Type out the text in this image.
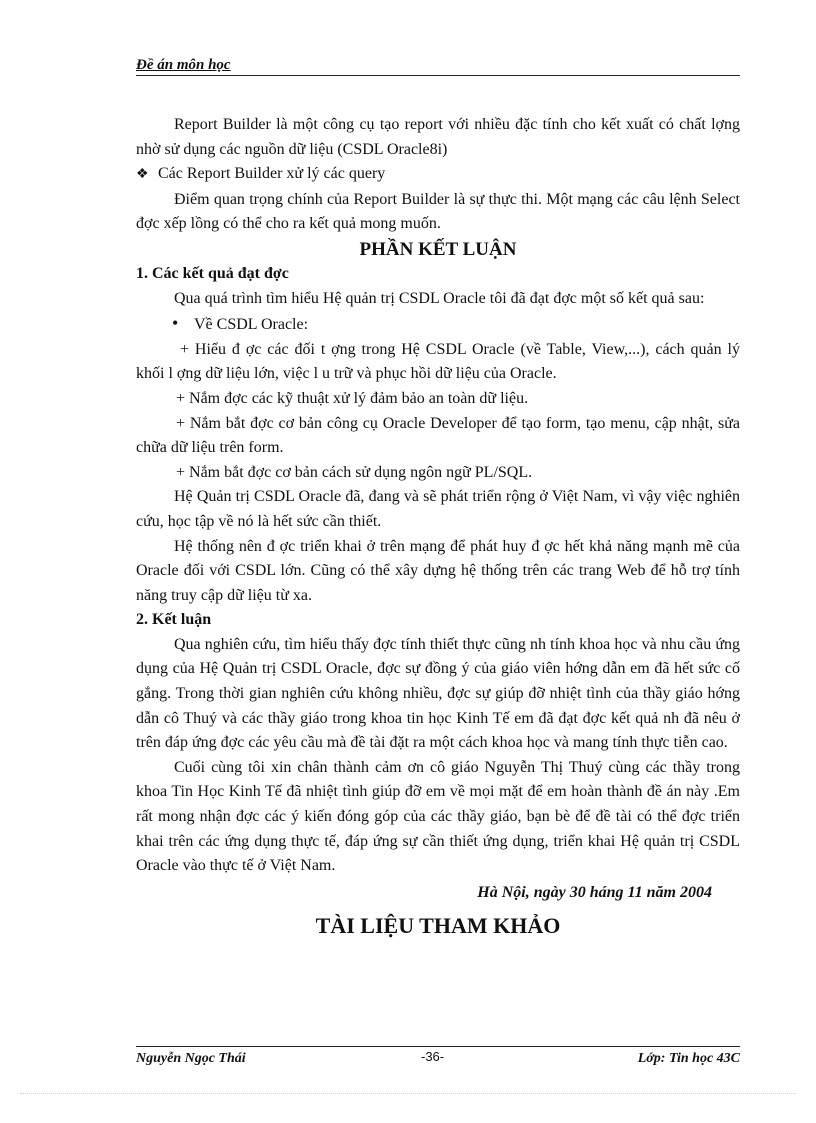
Đề án môn học

Report Builder là một công cụ tạo report với nhiều đặc tính cho kết xuất có chất lợng nhờ sử dụng các nguồn dữ liệu (CSDL Oracle8i)

❖ Các Report Builder xử lý các query

Điểm quan trọng chính của Report Builder là sự thực thi. Một mạng các câu lệnh Select đợc xếp lồng có thể cho ra kết quả mong muốn.

PHẦN KẾT LUẬN
1. Các kết quả đạt đợc

Qua quá trình tìm hiểu Hệ quản trị CSDL Oracle tôi đã đạt đợc một số kết quả sau:

• Về CSDL Oracle:

+ Hiểu đ ợc các đối t ợng trong Hệ CSDL Oracle (về Table, View,...), cách quản lý khối l ợng dữ liệu lớn, việc l u trữ và phục hồi dữ liệu của Oracle.

+ Nắm đợc các kỹ thuật xử lý đảm bảo an toàn dữ liệu.

+ Nắm bắt đợc cơ bản công cụ Oracle Developer để tạo form, tạo menu, cập nhật, sửa chữa dữ liệu trên form.

+ Nắm bắt đợc cơ bản cách sử dụng ngôn ngữ PL/SQL.

Hệ Quản trị CSDL Oracle đã, đang và sẽ phát triển rộng ở Việt Nam, vì vậy việc nghiên cứu, học tập về nó là hết sức cần thiết.

Hệ thống nên đ ợc triển khai ở trên mạng để phát huy đ ợc hết khả năng mạnh mẽ của Oracle đối với CSDL lớn. Cũng có thể xây dựng hệ thống trên các trang Web để hỗ trợ tính năng truy cập dữ liệu từ xa.

2. Kết luận

Qua nghiên cứu, tìm hiểu thấy đợc tính thiết thực cũng nh tính khoa học và nhu cầu ứng dụng của Hệ Quản trị CSDL Oracle, đợc sự đồng ý của giáo viên hớng dẫn em đã hết sức cố gắng. Trong thời gian nghiên cứu không nhiều, đợc sự giúp đỡ nhiệt tình của thầy giáo hớng dẫn cô Thuý và các thầy giáo trong khoa tin học Kinh Tế em đã đạt đợc kết quả nh đã nêu ở trên đáp ứng đợc các yêu cầu mà đề tài đặt ra một cách khoa học và mang tính thực tiễn cao.

Cuối cùng tôi xin chân thành cảm ơn cô giáo Nguyễn Thị Thuý cùng các thầy trong khoa Tin Học Kinh Tế đã nhiệt tình giúp đỡ em về mọi mặt để em hoàn thành đề án này .Em rất mong nhận đợc các ý kiến đóng góp của các thầy giáo, bạn bè để đề tài có thể đợc triển khai trên các ứng dụng thực tế, đáp ứng sự cần thiết ứng dụng, triển khai Hệ quản trị CSDL Oracle vào thực tế ở Việt Nam.

Hà Nội, ngày 30 háng 11 năm 2004
TÀI LIỆU THAM KHẢO
Nguyễn Ngọc Thái	-36-	Lớp: Tin học 43C
